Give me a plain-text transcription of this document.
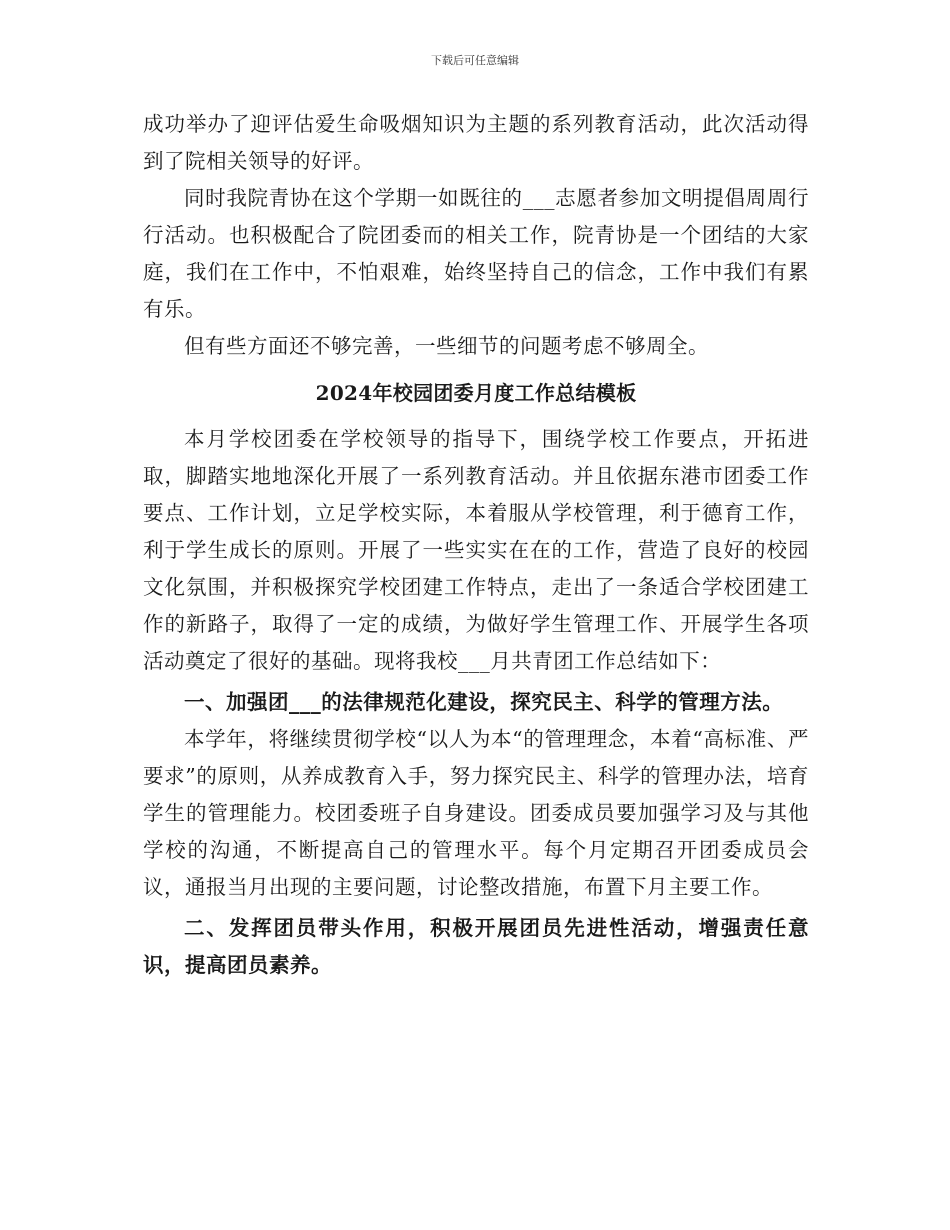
下载后可任意编辑

成功举办了迎评估爱生命吸烟知识为主题的系列教育活动，此次活动得到了院相关领导的好评。

同时我院青协在这个学期一如既往的___志愿者参加文明提倡周周行行活动。也积极配合了院团委而的相关工作，院青协是一个团结的大家庭，我们在工作中，不怕艰难，始终坚持自己的信念，工作中我们有累有乐。

但有些方面还不够完善，一些细节的问题考虑不够周全。

2024年校园团委月度工作总结模板

本月学校团委在学校领导的指导下，围绕学校工作要点，开拓进取，脚踏实地地深化开展了一系列教育活动。并且依据东港市团委工作要点、工作计划，立足学校实际，本着服从学校管理，利于德育工作，利于学生成长的原则。开展了一些实实在在的工作，营造了良好的校园文化氛围，并积极探究学校团建工作特点，走出了一条适合学校团建工作的新路子，取得了一定的成绩，为做好学生管理工作、开展学生各项活动奠定了很好的基础。现将我校___月共青团工作总结如下：

一、加强团___的法律规范化建设，探究民主、科学的管理方法。

本学年，将继续贯彻学校“以人为本“的管理理念，本着“高标准、严要求”的原则，从养成教育入手，努力探究民主、科学的管理办法，培育学生的管理能力。校团委班子自身建设。团委成员要加强学习及与其他学校的沟通，不断提高自己的管理水平。每个月定期召开团委成员会议，通报当月出现的主要问题，讨论整改措施，布置下月主要工作。

二、发挥团员带头作用，积极开展团员先进性活动，增强责任意识，提高团员素养。
